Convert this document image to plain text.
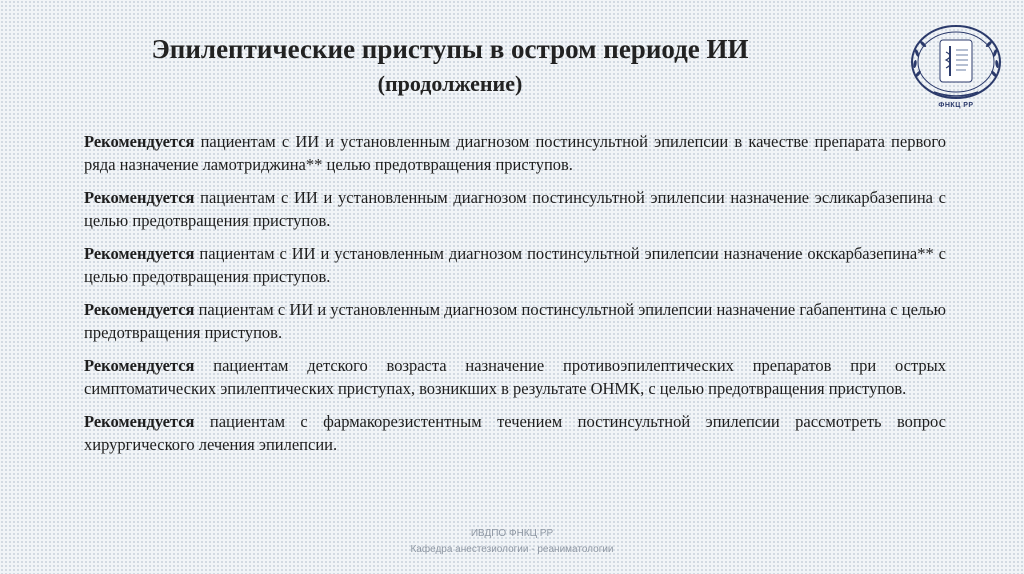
Эпилептические приступы в остром периоде ИИ
(продолжение)
ФНКЦ РР

Рекомендуется пациентам с ИИ и установленным диагнозом постинсультной эпилепсии в качестве препарата первого ряда назначение ламотриджина** целью предотвращения приступов.

Рекомендуется пациентам с ИИ и установленным диагнозом постинсультной эпилепсии назначение эсликарбазепина с целью предотвращения приступов.

Рекомендуется пациентам с ИИ и установленным диагнозом постинсультной эпилепсии назначение окскарбазепина** с целью предотвращения приступов.

Рекомендуется пациентам с ИИ и установленным диагнозом постинсультной эпилепсии назначение габапентина с целью предотвращения приступов.

Рекомендуется пациентам детского возраста назначение противоэпилептических препаратов при острых симптоматических эпилептических приступах, возникших в результате ОНМК, с целью предотвращения приступов.

Рекомендуется пациентам с фармакорезистентным течением постинсультной эпилепсии рассмотреть вопрос хирургического лечения эпилепсии.

ИВДПО ФНКЦ РР
Кафедра анестезиологии - реаниматологии
